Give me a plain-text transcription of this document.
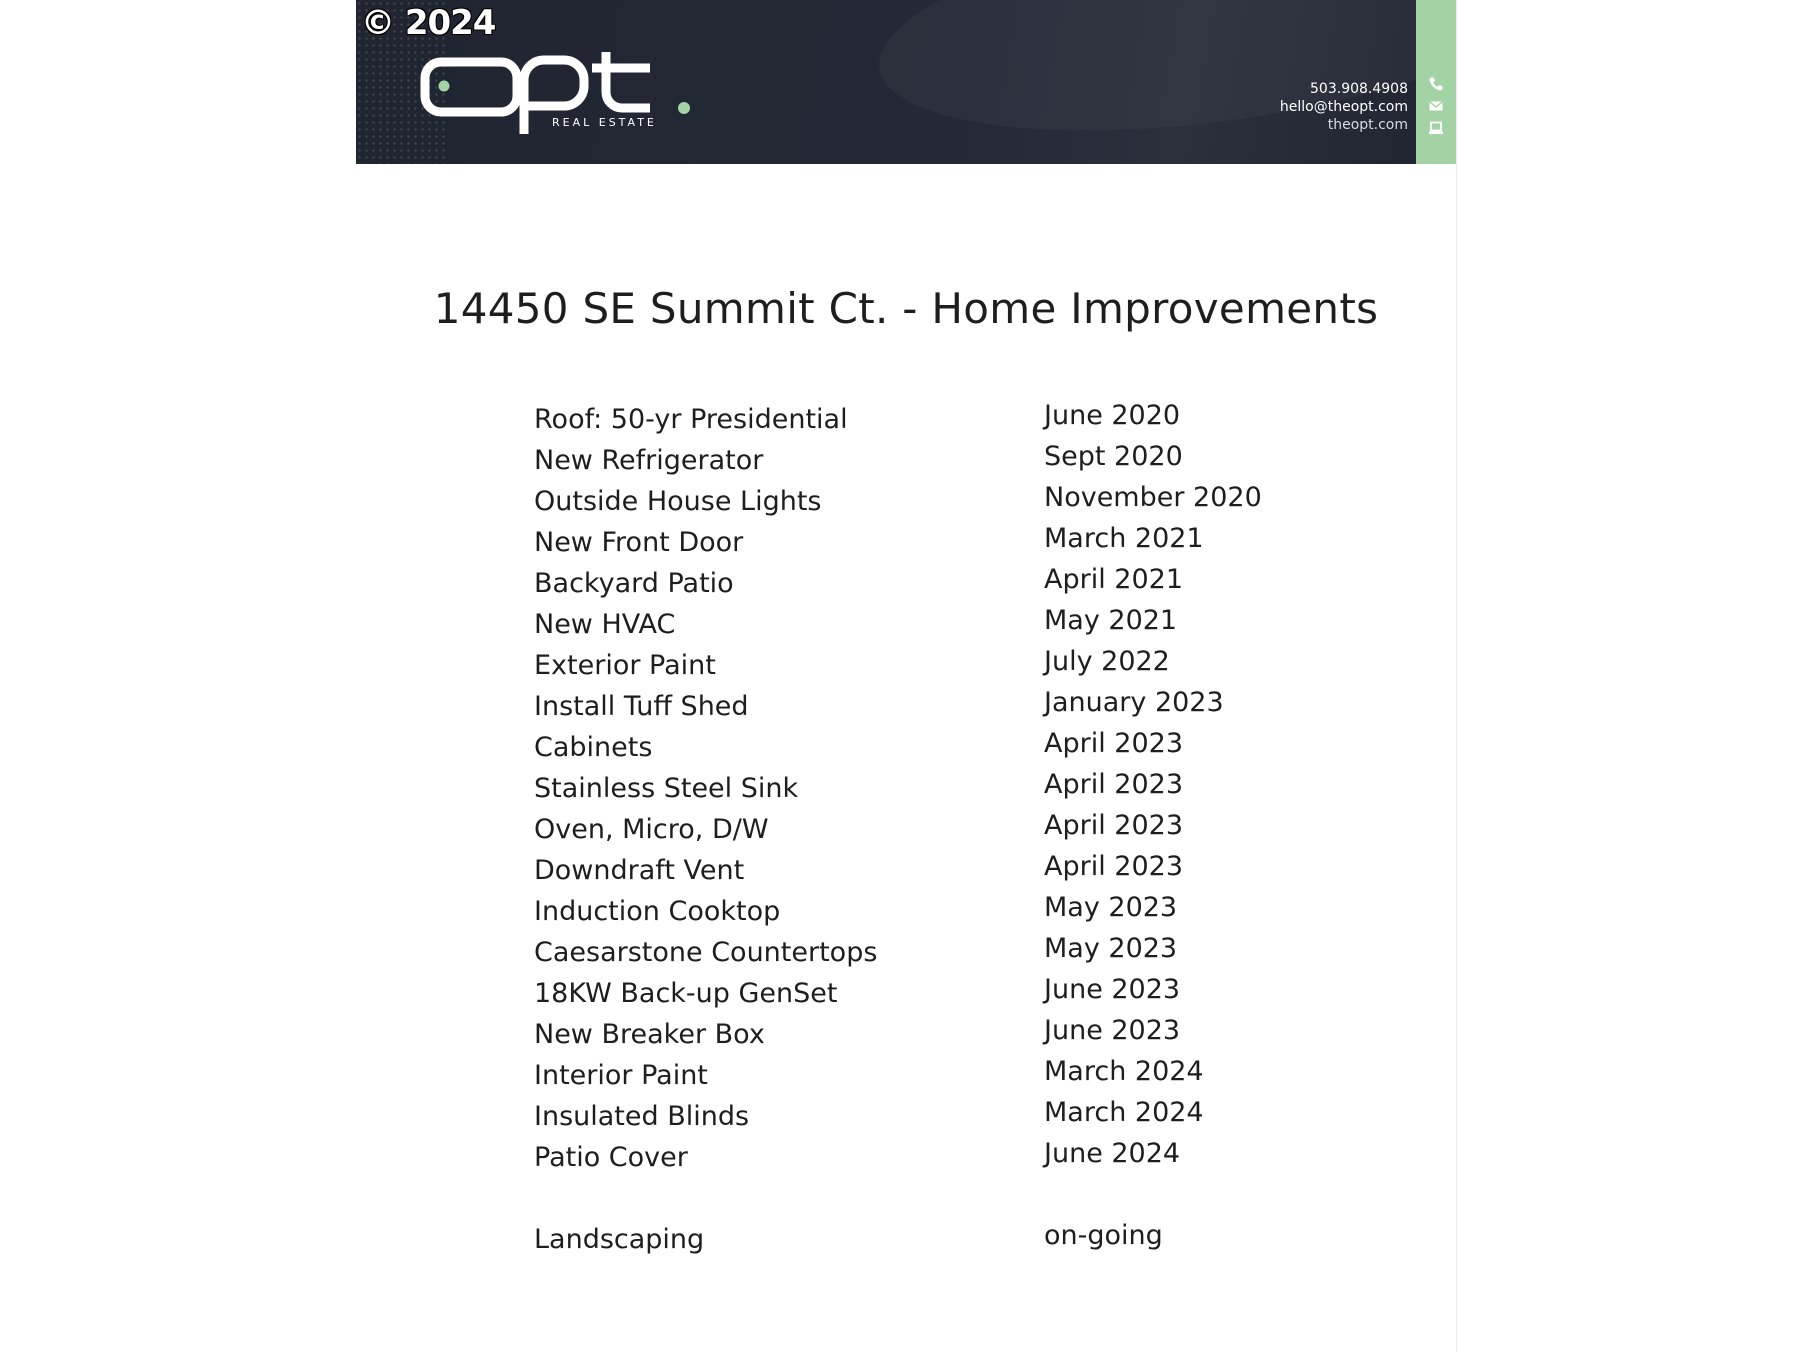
© 2024
REAL ESTATE
503.908.4908
hello@theopt.com
theopt.com
14450 SE Summit Ct. - Home Improvements
Roof: 50-yr Presidential	June 2020
New Refrigerator	Sept 2020
Outside House Lights	November 2020
New Front Door	March 2021
Backyard Patio	April 2021
New HVAC	May 2021
Exterior Paint	July 2022
Install Tuff Shed	January 2023
Cabinets	April 2023
Stainless Steel Sink	April 2023
Oven, Micro, D/W	April 2023
Downdraft Vent	April 2023
Induction Cooktop	May 2023
Caesarstone Countertops	May 2023
18KW Back-up GenSet	June 2023
New Breaker Box	June 2023
Interior Paint	March 2024
Insulated Blinds	March 2024
Patio Cover	June 2024
Landscaping	on-going
